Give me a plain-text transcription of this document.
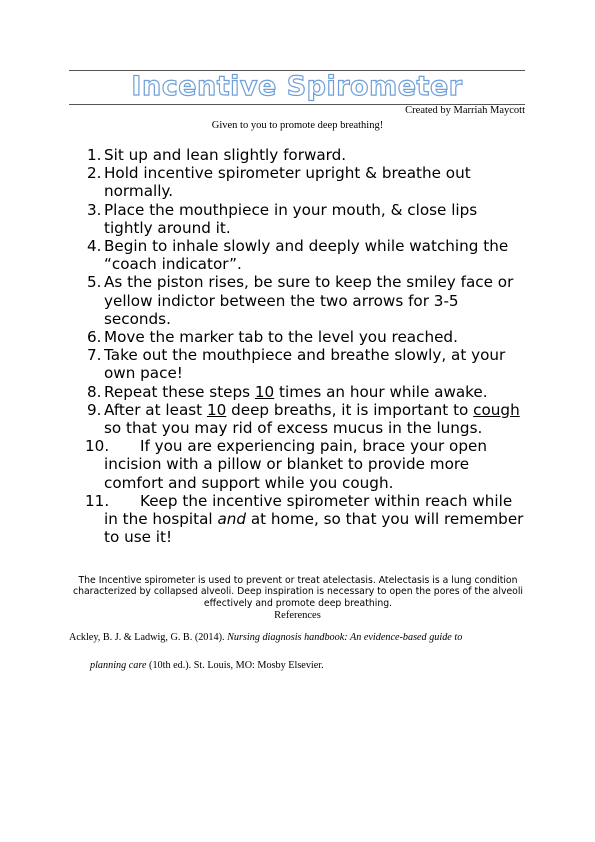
Incentive Spirometer
Created by Marriah Maycott
Given to you to promote deep breathing!
1. Sit up and lean slightly forward.
2. Hold incentive spirometer upright & breathe out normally.
3. Place the mouthpiece in your mouth, & close lips tightly around it.
4. Begin to inhale slowly and deeply while watching the “coach indicator”.
5. As the piston rises, be sure to keep the smiley face or yellow indictor between the two arrows for 3-5 seconds.
6. Move the marker tab to the level you reached.
7. Take out the mouthpiece and breathe slowly, at your own pace!
8. Repeat these steps 10 times an hour while awake.
9. After at least 10 deep breaths, it is important to cough so that you may rid of excess mucus in the lungs.
10. If you are experiencing pain, brace your open incision with a pillow or blanket to provide more comfort and support while you cough.
11. Keep the incentive spirometer within reach while in the hospital and at home, so that you will remember to use it!
The Incentive spirometer is used to prevent or treat atelectasis. Atelectasis is a lung condition characterized by collapsed alveoli. Deep inspiration is necessary to open the pores of the alveoli effectively and promote deep breathing.
References
Ackley, B. J. & Ladwig, G. B. (2014). Nursing diagnosis handbook: An evidence-based guide to
planning care (10th ed.). St. Louis, MO: Mosby Elsevier.
